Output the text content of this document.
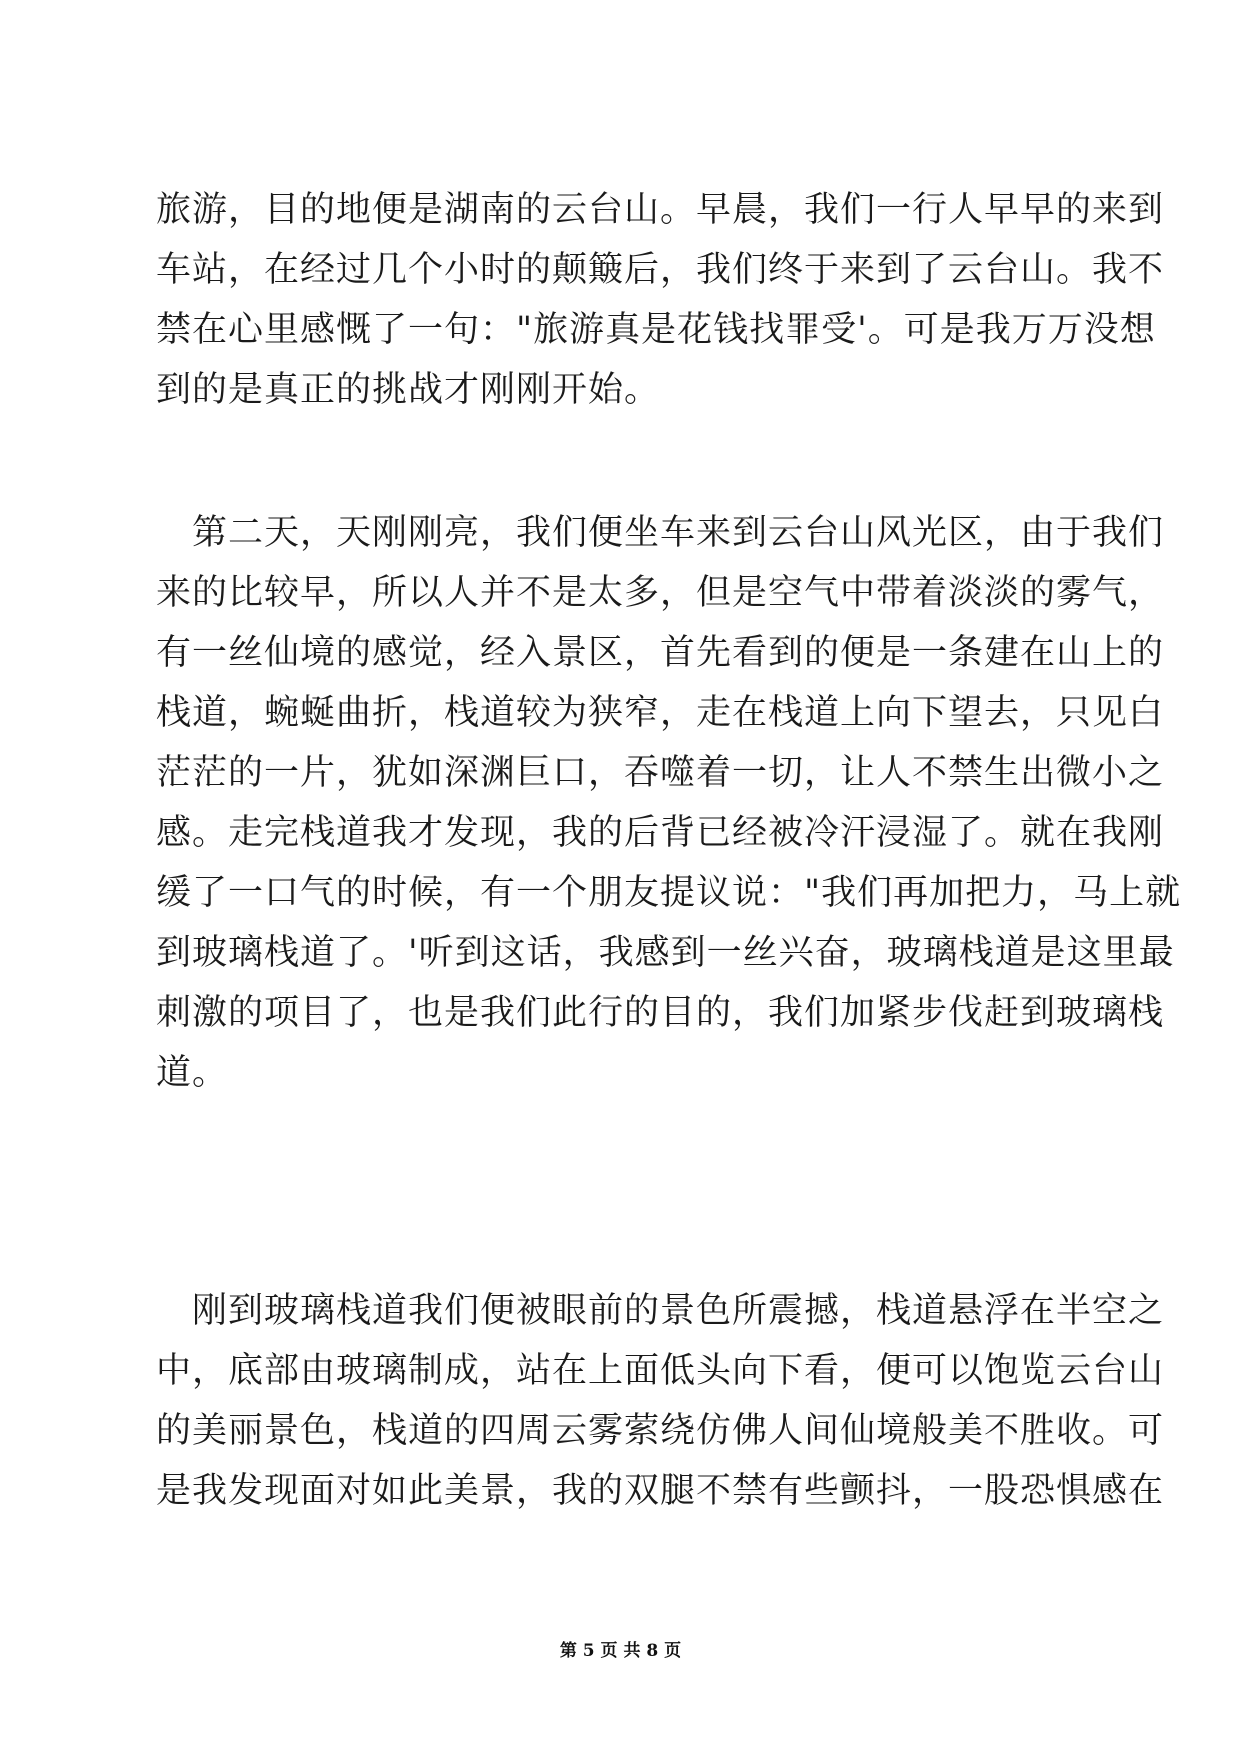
旅游，目的地便是湖南的云台山。早晨，我们一行人早早的来到
车站，在经过几个小时的颠簸后，我们终于来到了云台山。我不
禁在心里感慨了一句："旅游真是花钱找罪受'。可是我万万没想
到的是真正的挑战才刚刚开始。
　第二天，天刚刚亮，我们便坐车来到云台山风光区，由于我们
来的比较早，所以人并不是太多，但是空气中带着淡淡的雾气，
有一丝仙境的感觉，经入景区，首先看到的便是一条建在山上的
栈道，蜿蜒曲折，栈道较为狭窄，走在栈道上向下望去，只见白
茫茫的一片，犹如深渊巨口，吞噬着一切，让人不禁生出微小之
感。走完栈道我才发现，我的后背已经被冷汗浸湿了。就在我刚
缓了一口气的时候，有一个朋友提议说："我们再加把力，马上就
到玻璃栈道了。'听到这话，我感到一丝兴奋，玻璃栈道是这里最
刺激的项目了，也是我们此行的目的，我们加紧步伐赶到玻璃栈
道。
　刚到玻璃栈道我们便被眼前的景色所震撼，栈道悬浮在半空之
中，底部由玻璃制成，站在上面低头向下看，便可以饱览云台山
的美丽景色，栈道的四周云雾萦绕仿佛人间仙境般美不胜收。可
是我发现面对如此美景，我的双腿不禁有些颤抖，一股恐惧感在
第 5 页 共 8 页
